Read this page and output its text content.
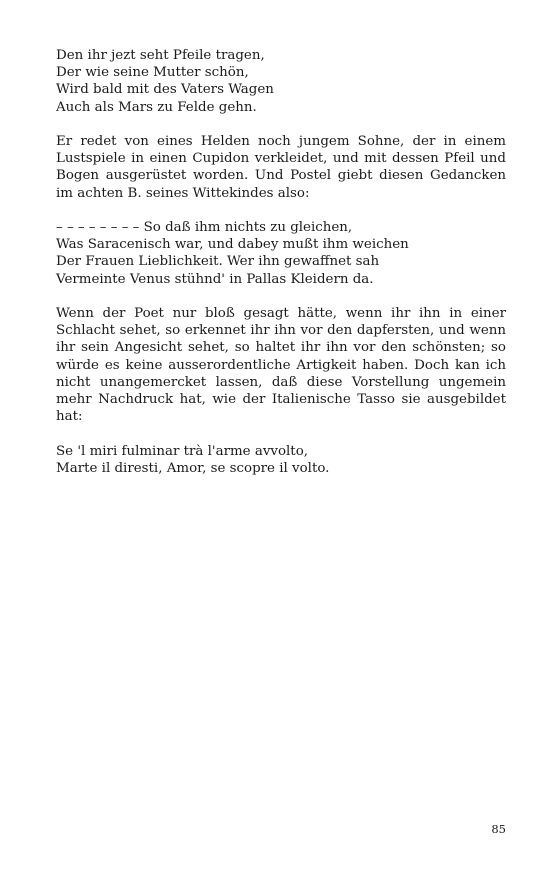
Den ihr jezt seht Pfeile tragen,
Der wie seine Mutter schön,
Wird bald mit des Vaters Wagen
Auch als Mars zu Felde gehn.

Er redet von eines Helden noch jungem Sohne, der in einem Lustspiele in einen Cupidon verkleidet, und mit dessen Pfeil und Bogen ausgerüstet worden. Und Postel giebt diesen Gedancken im achten B. seines Wittekindes also:

– – – – – – – – So daß ihm nichts zu gleichen,
Was Saracenisch war, und dabey mußt ihm weichen
Der Frauen Lieblichkeit. Wer ihn gewaffnet sah
Vermeinte Venus stühnd' in Pallas Kleidern da.

Wenn der Poet nur bloß gesagt hätte, wenn ihr ihn in einer Schlacht sehet, so erkennet ihr ihn vor den dapfersten, und wenn ihr sein Angesicht sehet, so haltet ihr ihn vor den schönsten; so würde es keine ausserordentliche Artigkeit haben. Doch kan ich nicht unangemercket lassen, daß diese Vorstellung ungemein mehr Nachdruck hat, wie der Italienische Tasso sie ausgebildet hat:

Se 'l miri fulminar trà l'arme avvolto,
Marte il diresti, Amor, se scopre il volto.
85
